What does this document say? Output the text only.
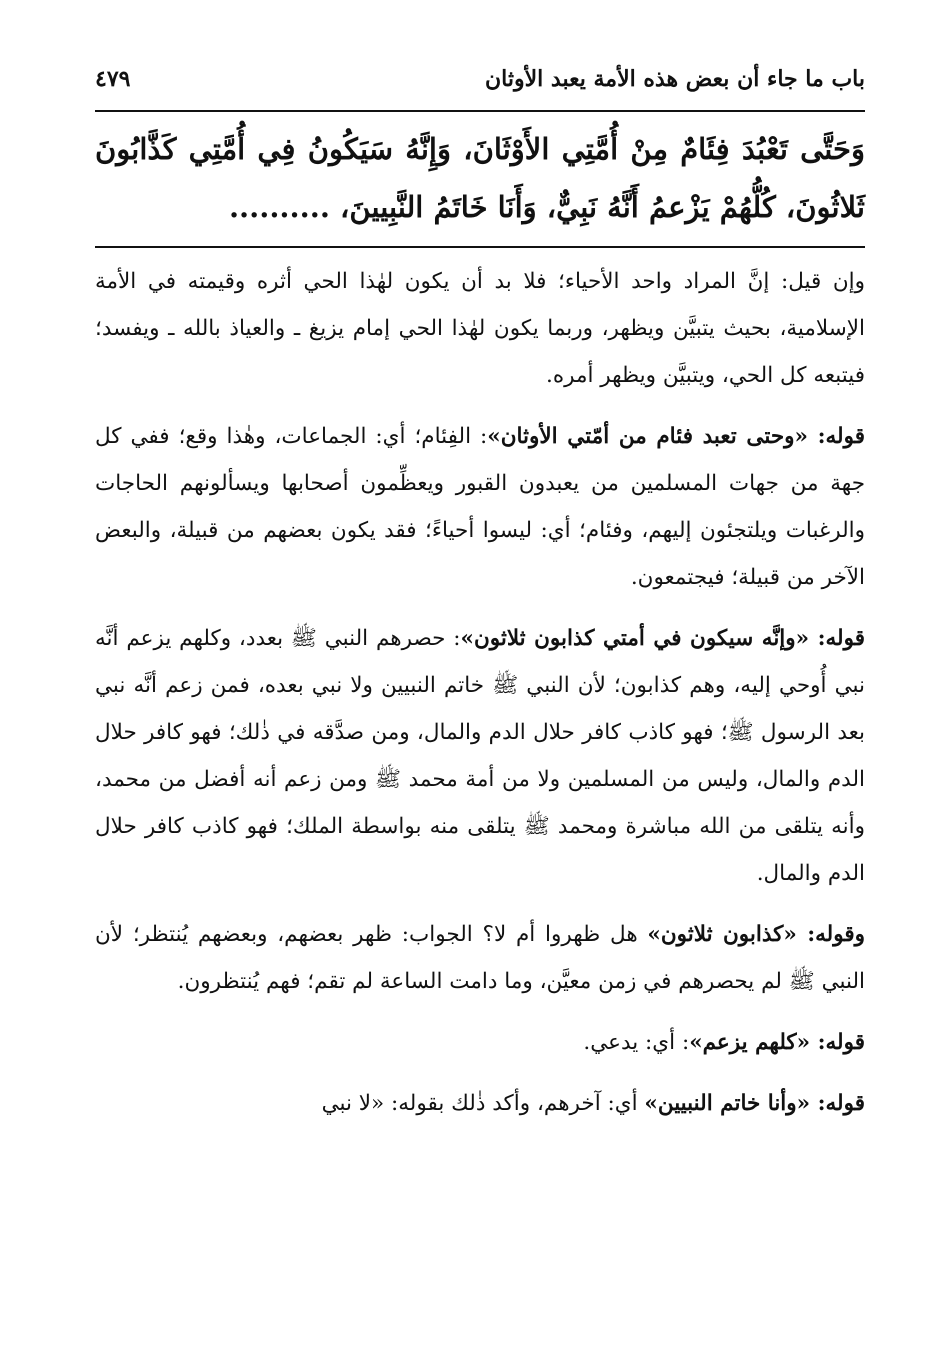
باب ما جاء أن بعض هذه الأمة يعبد الأوثان
٤٧٩
وَحَتَّى تَعْبُدَ فِئَامٌ مِنْ أُمَّتِي الأَوْثَانَ، وَإِنَّهُ سَيَكُونُ فِي أُمَّتِي كَذَّابُونَ ثَلاثُونَ، كُلُّهُمْ يَزْعمُ أَنَّهُ نَبِيٌّ، وَأَنَا خَاتَمُ النَّبِيينَ، ..........

وإن قيل: إنَّ المراد واحد الأحياء؛ فلا بد أن يكون لهٰذا الحي أثره وقيمته في الأمة الإسلامية، بحيث يتبيَّن ويظهر، وربما يكون لهٰذا الحي إمام يزيغ ـ والعياذ بالله ـ ويفسد؛ فيتبعه كل الحي، ويتبيَّن ويظهر أمره.

قوله: «وحتى تعبد فئام من أمّتي الأوثان»: الفِئام؛ أي: الجماعات، وهٰذا وقع؛ ففي كل جهة من جهات المسلمين من يعبدون القبور ويعظِّمون أصحابها ويسألونهم الحاجات والرغبات ويلتجئون إليهم، وفئام؛ أي: ليسوا أحياءً؛ فقد يكون بعضهم من قبيلة، والبعض الآخر من قبيلة؛ فيجتمعون.

قوله: «وإنَّه سيكون في أمتي كذابون ثلاثون»: حصرهم النبي ﷺ بعدد، وكلهم يزعم أنَّه نبي أُوحي إليه، وهم كذابون؛ لأن النبي ﷺ خاتم النبيين ولا نبي بعده، فمن زعم أنَّه نبي بعد الرسول ﷺ؛ فهو كاذب كافر حلال الدم والمال، ومن صدَّقه في ذٰلك؛ فهو كافر حلال الدم والمال، وليس من المسلمين ولا من أمة محمد ﷺ ومن زعم أنه أفضل من محمد، وأنه يتلقى من الله مباشرة ومحمد ﷺ يتلقى منه بواسطة الملك؛ فهو كاذب كافر حلال الدم والمال.

وقوله: «كذابون ثلاثون» هل ظهروا أم لا؟ الجواب: ظهر بعضهم، وبعضهم يُنتظر؛ لأن النبي ﷺ لم يحصرهم في زمن معيَّن، وما دامت الساعة لم تقم؛ فهم يُنتظرون.

قوله: «كلهم يزعم»: أي: يدعي.

قوله: «وأنا خاتم النبيين» أي: آخرهم، وأكد ذٰلك بقوله: «لا نبي
